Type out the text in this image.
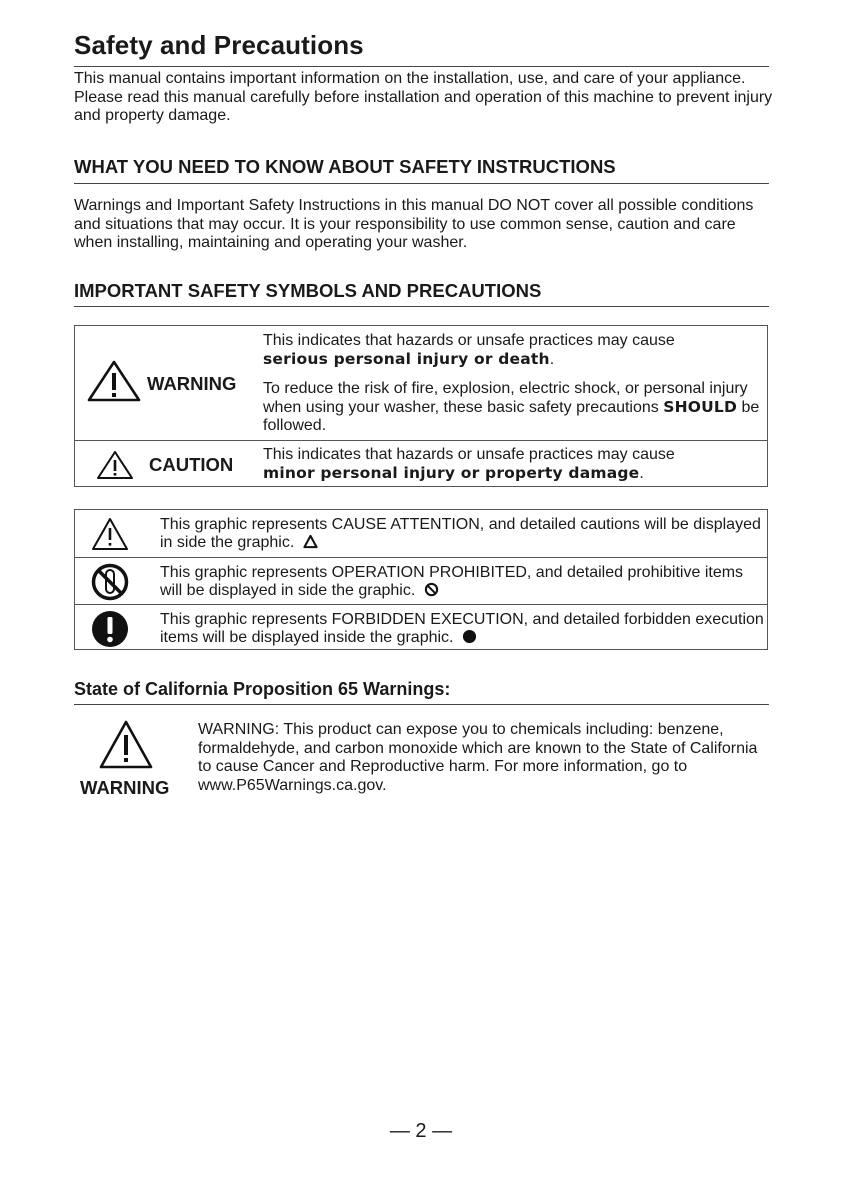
Safety and Precautions

This manual contains important information on the installation, use, and care of your appliance. Please read this manual carefully before installation and operation of this machine to prevent injury and property damage.

WHAT YOU NEED TO KNOW ABOUT SAFETY INSTRUCTIONS

Warnings and Important Safety Instructions in this manual DO NOT cover all possible conditions and situations that may occur. It is your responsibility to use common sense, caution and care when installing, maintaining and operating your washer.

IMPORTANT SAFETY SYMBOLS AND PRECAUTIONS
WARNING
This indicates that hazards or unsafe practices may cause
serious personal injury or death.
To reduce the risk of fire, explosion, electric shock, or personal injury when using your washer, these basic safety precautions SHOULD be followed.
CAUTION This indicates that hazards or unsafe practices may cause
minor personal injury or property damage.
This graphic represents CAUSE ATTENTION, and detailed cautions will be displayed in side the graphic.
This graphic represents OPERATION PROHIBITED, and detailed prohibitive items will be displayed in side the graphic.
This graphic represents FORBIDDEN EXECUTION, and detailed forbidden execution items will be displayed inside the graphic.
State of California Proposition 65 Warnings:
WARNING
WARNING: This product can expose you to chemicals including: benzene, formaldehyde, and carbon monoxide which are known to the State of California to cause Cancer and Reproductive harm. For more information, go to www.P65Warnings.ca.gov.
— 2 —
